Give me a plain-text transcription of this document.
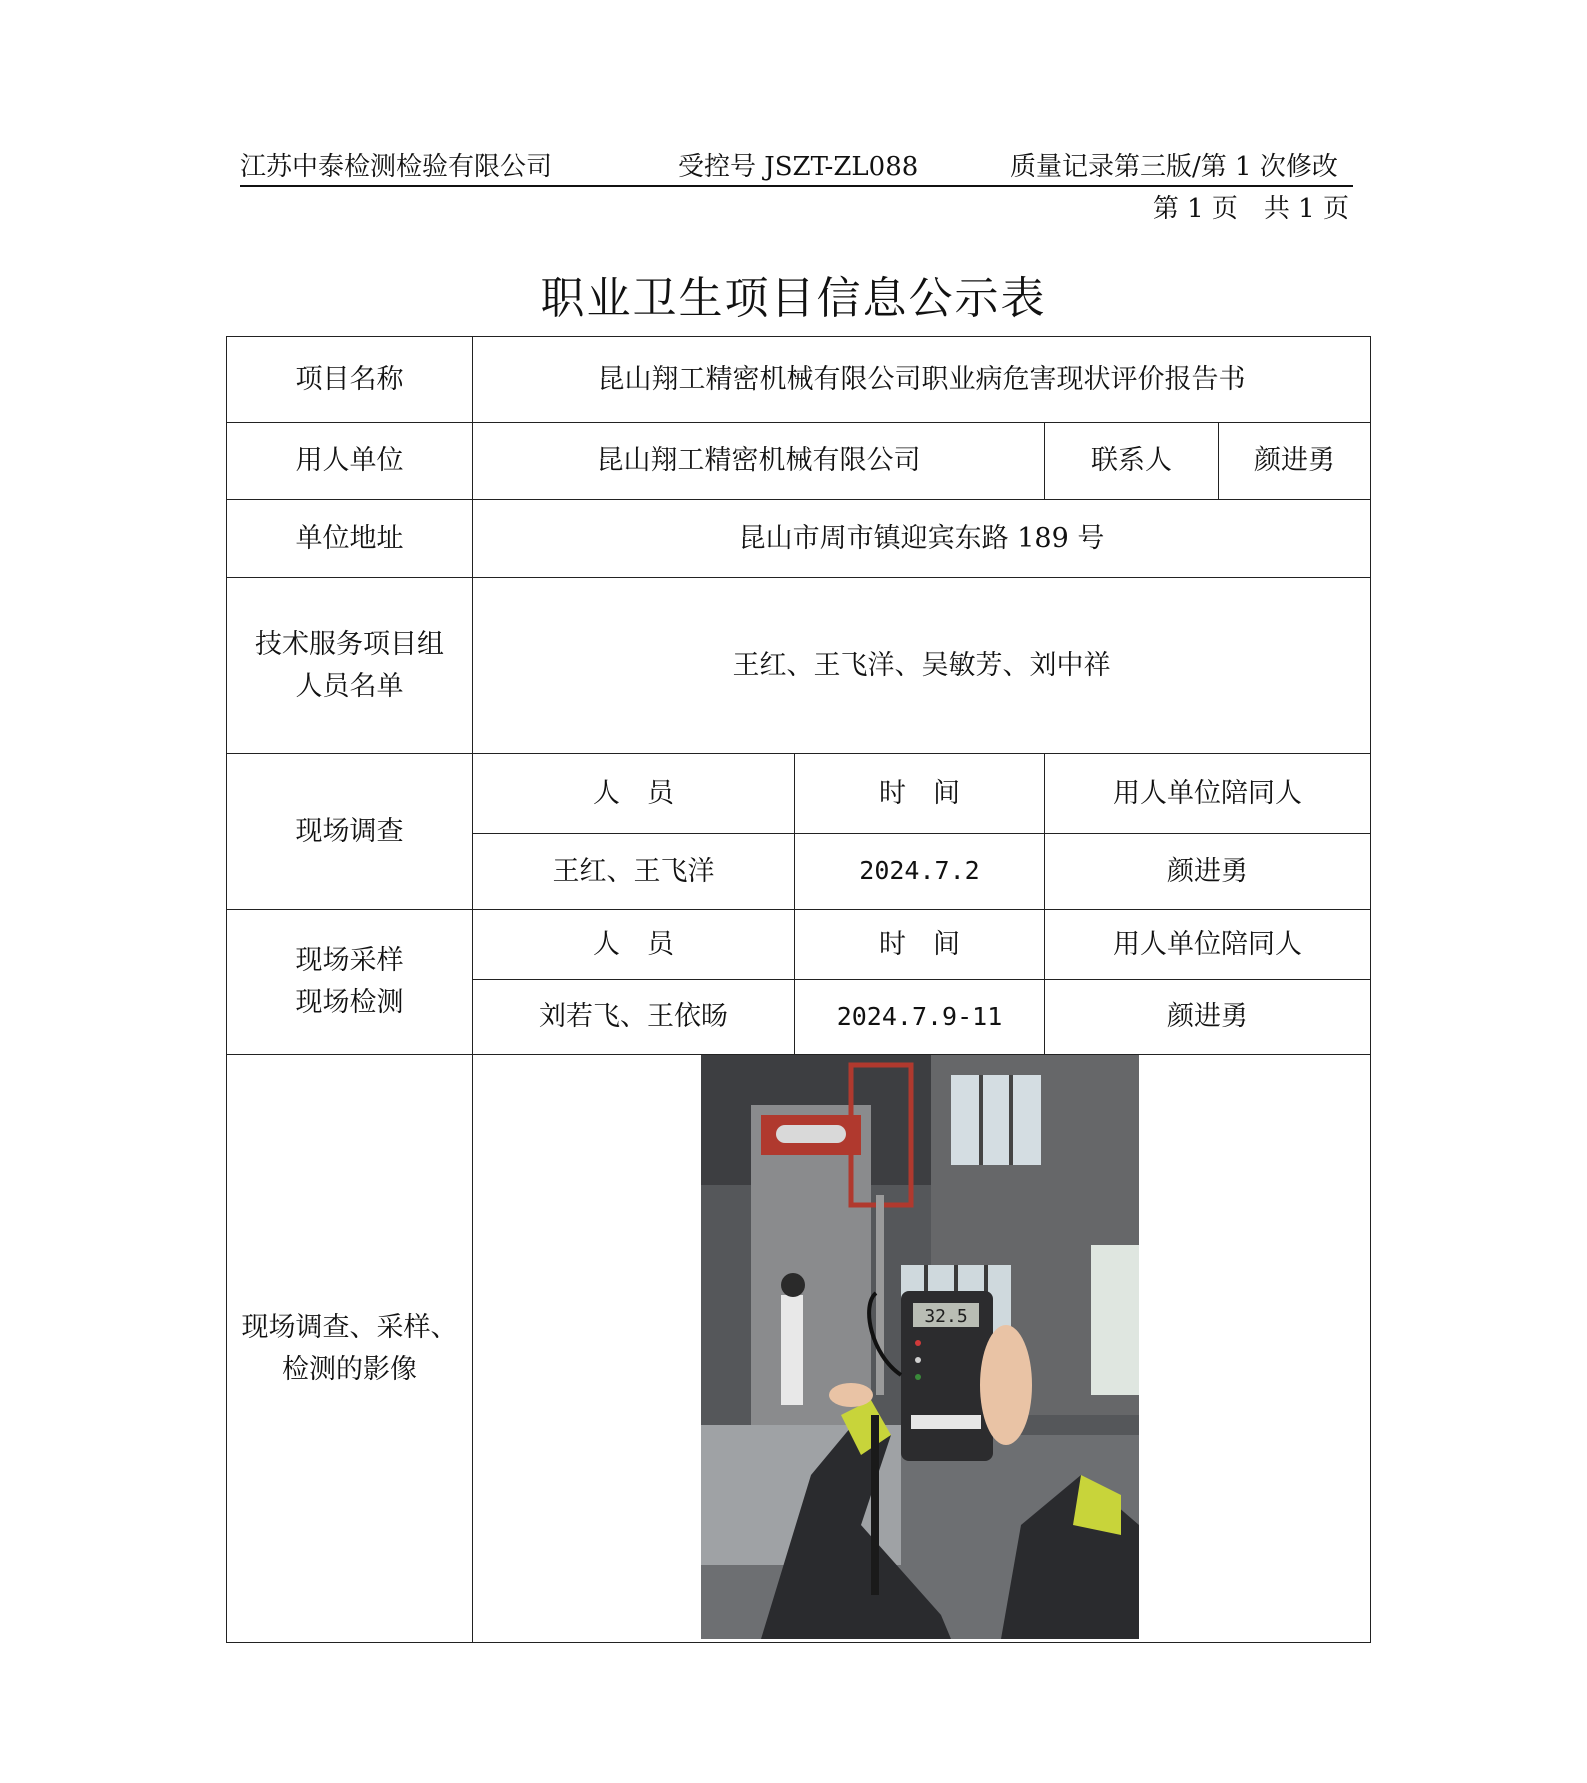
江苏中泰检测检验有限公司	受控号 JSZT-ZL088	质量记录第三版/第 1 次修改
第 1 页　共 1 页
职业卫生项目信息公示表
项目名称	昆山翔工精密机械有限公司职业病危害现状评价报告书			
用人单位	昆山翔工精密机械有限公司		联系人	颜进勇
单位地址	昆山市周市镇迎宾东路 189 号			

技术服务项目组
人员名单	王红、王飞洋、吴敏芳、刘中祥			
现场调查	人　员	时　间	用人单位陪同人	
	王红、王飞洋	2024.7.2	颜进勇	

现场采样
现场检测	人　员	时　间	用人单位陪同人	
	刘若飞、王依旸	2024.7.9-11	颜进勇	

现场调查、采样、
检测的影像	32.5			
